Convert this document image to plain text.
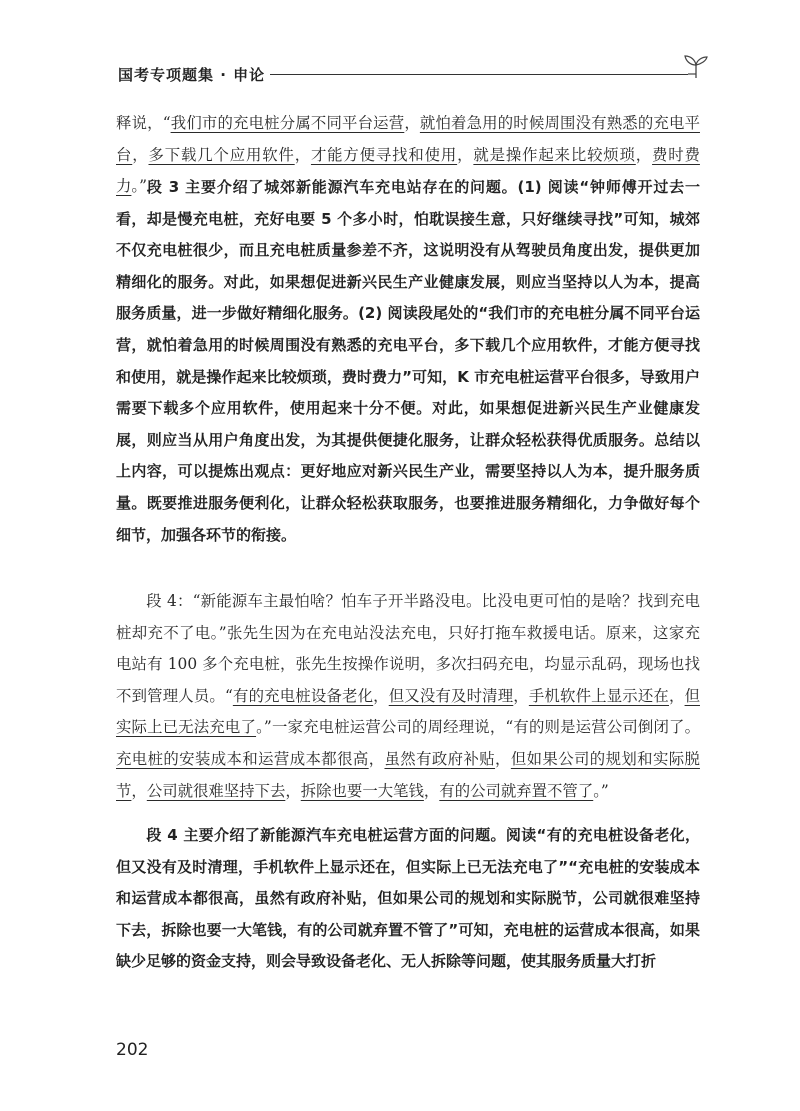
国考专项题集 · 申论

释说，“我们市的充电桩分属不同平台运营，就怕着急用的时候周围没有熟悉的充电平台，多下载几个应用软件，才能方便寻找和使用，就是操作起来比较烦琐，费时费力。” 段 3 主要介绍了城郊新能源汽车充电站存在的问题。(1) 阅读“钟师傅开过去一看，却是慢充电桩，充好电要 5 个多小时，怕耽误接生意，只好继续寻找”可知，城郊不仅充电桩很少，而且充电桩质量参差不齐，这说明没有从驾驶员角度出发，提供更加精细化的服务。对此，如果想促进新兴民生产业健康发展，则应当坚持以人为本，提高服务质量，进一步做好精细化服务。(2) 阅读段尾处的“我们市的充电桩分属不同平台运营，就怕着急用的时候周围没有熟悉的充电平台，多下载几个应用软件，才能方便寻找和使用，就是操作起来比较烦琐，费时费力”可知，K 市充电桩运营平台很多，导致用户需要下载多个应用软件，使用起来十分不便。对此，如果想促进新兴民生产业健康发展，则应当从用户角度出发，为其提供便捷化服务，让群众轻松获得优质服务。总结以上内容，可以提炼出观点：更好地应对新兴民生产业，需要坚持以人为本，提升服务质量。既要推进服务便利化，让群众轻松获取服务，也要推进服务精细化，力争做好每个细节，加强各环节的衔接。

段 4：“新能源车主最怕啥？怕车子开半路没电。比没电更可怕的是啥？找到充电桩却充不了电。”张先生因为在充电站没法充电，只好打拖车救援电话。原来，这家充电站有 100 多个充电桩，张先生按操作说明，多次扫码充电，均显示乱码，现场也找不到管理人员。“有的充电桩设备老化，但又没有及时清理，手机软件上显示还在，但实际上已无法充电了。”一家充电桩运营公司的周经理说，“有的则是运营公司倒闭了。充电桩的安装成本和运营成本都很高，虽然有政府补贴，但如果公司的规划和实际脱节，公司就很难坚持下去，拆除也要一大笔钱，有的公司就弃置不管了。”

段 4 主要介绍了新能源汽车充电桩运营方面的问题。阅读“有的充电桩设备老化，但又没有及时清理，手机软件上显示还在，但实际上已无法充电了”“充电桩的安装成本和运营成本都很高，虽然有政府补贴，但如果公司的规划和实际脱节，公司就很难坚持下去，拆除也要一大笔钱，有的公司就弃置不管了”可知，充电桩的运营成本很高，如果缺少足够的资金支持，则会导致设备老化、无人拆除等问题，使其服务质量大打折

202
